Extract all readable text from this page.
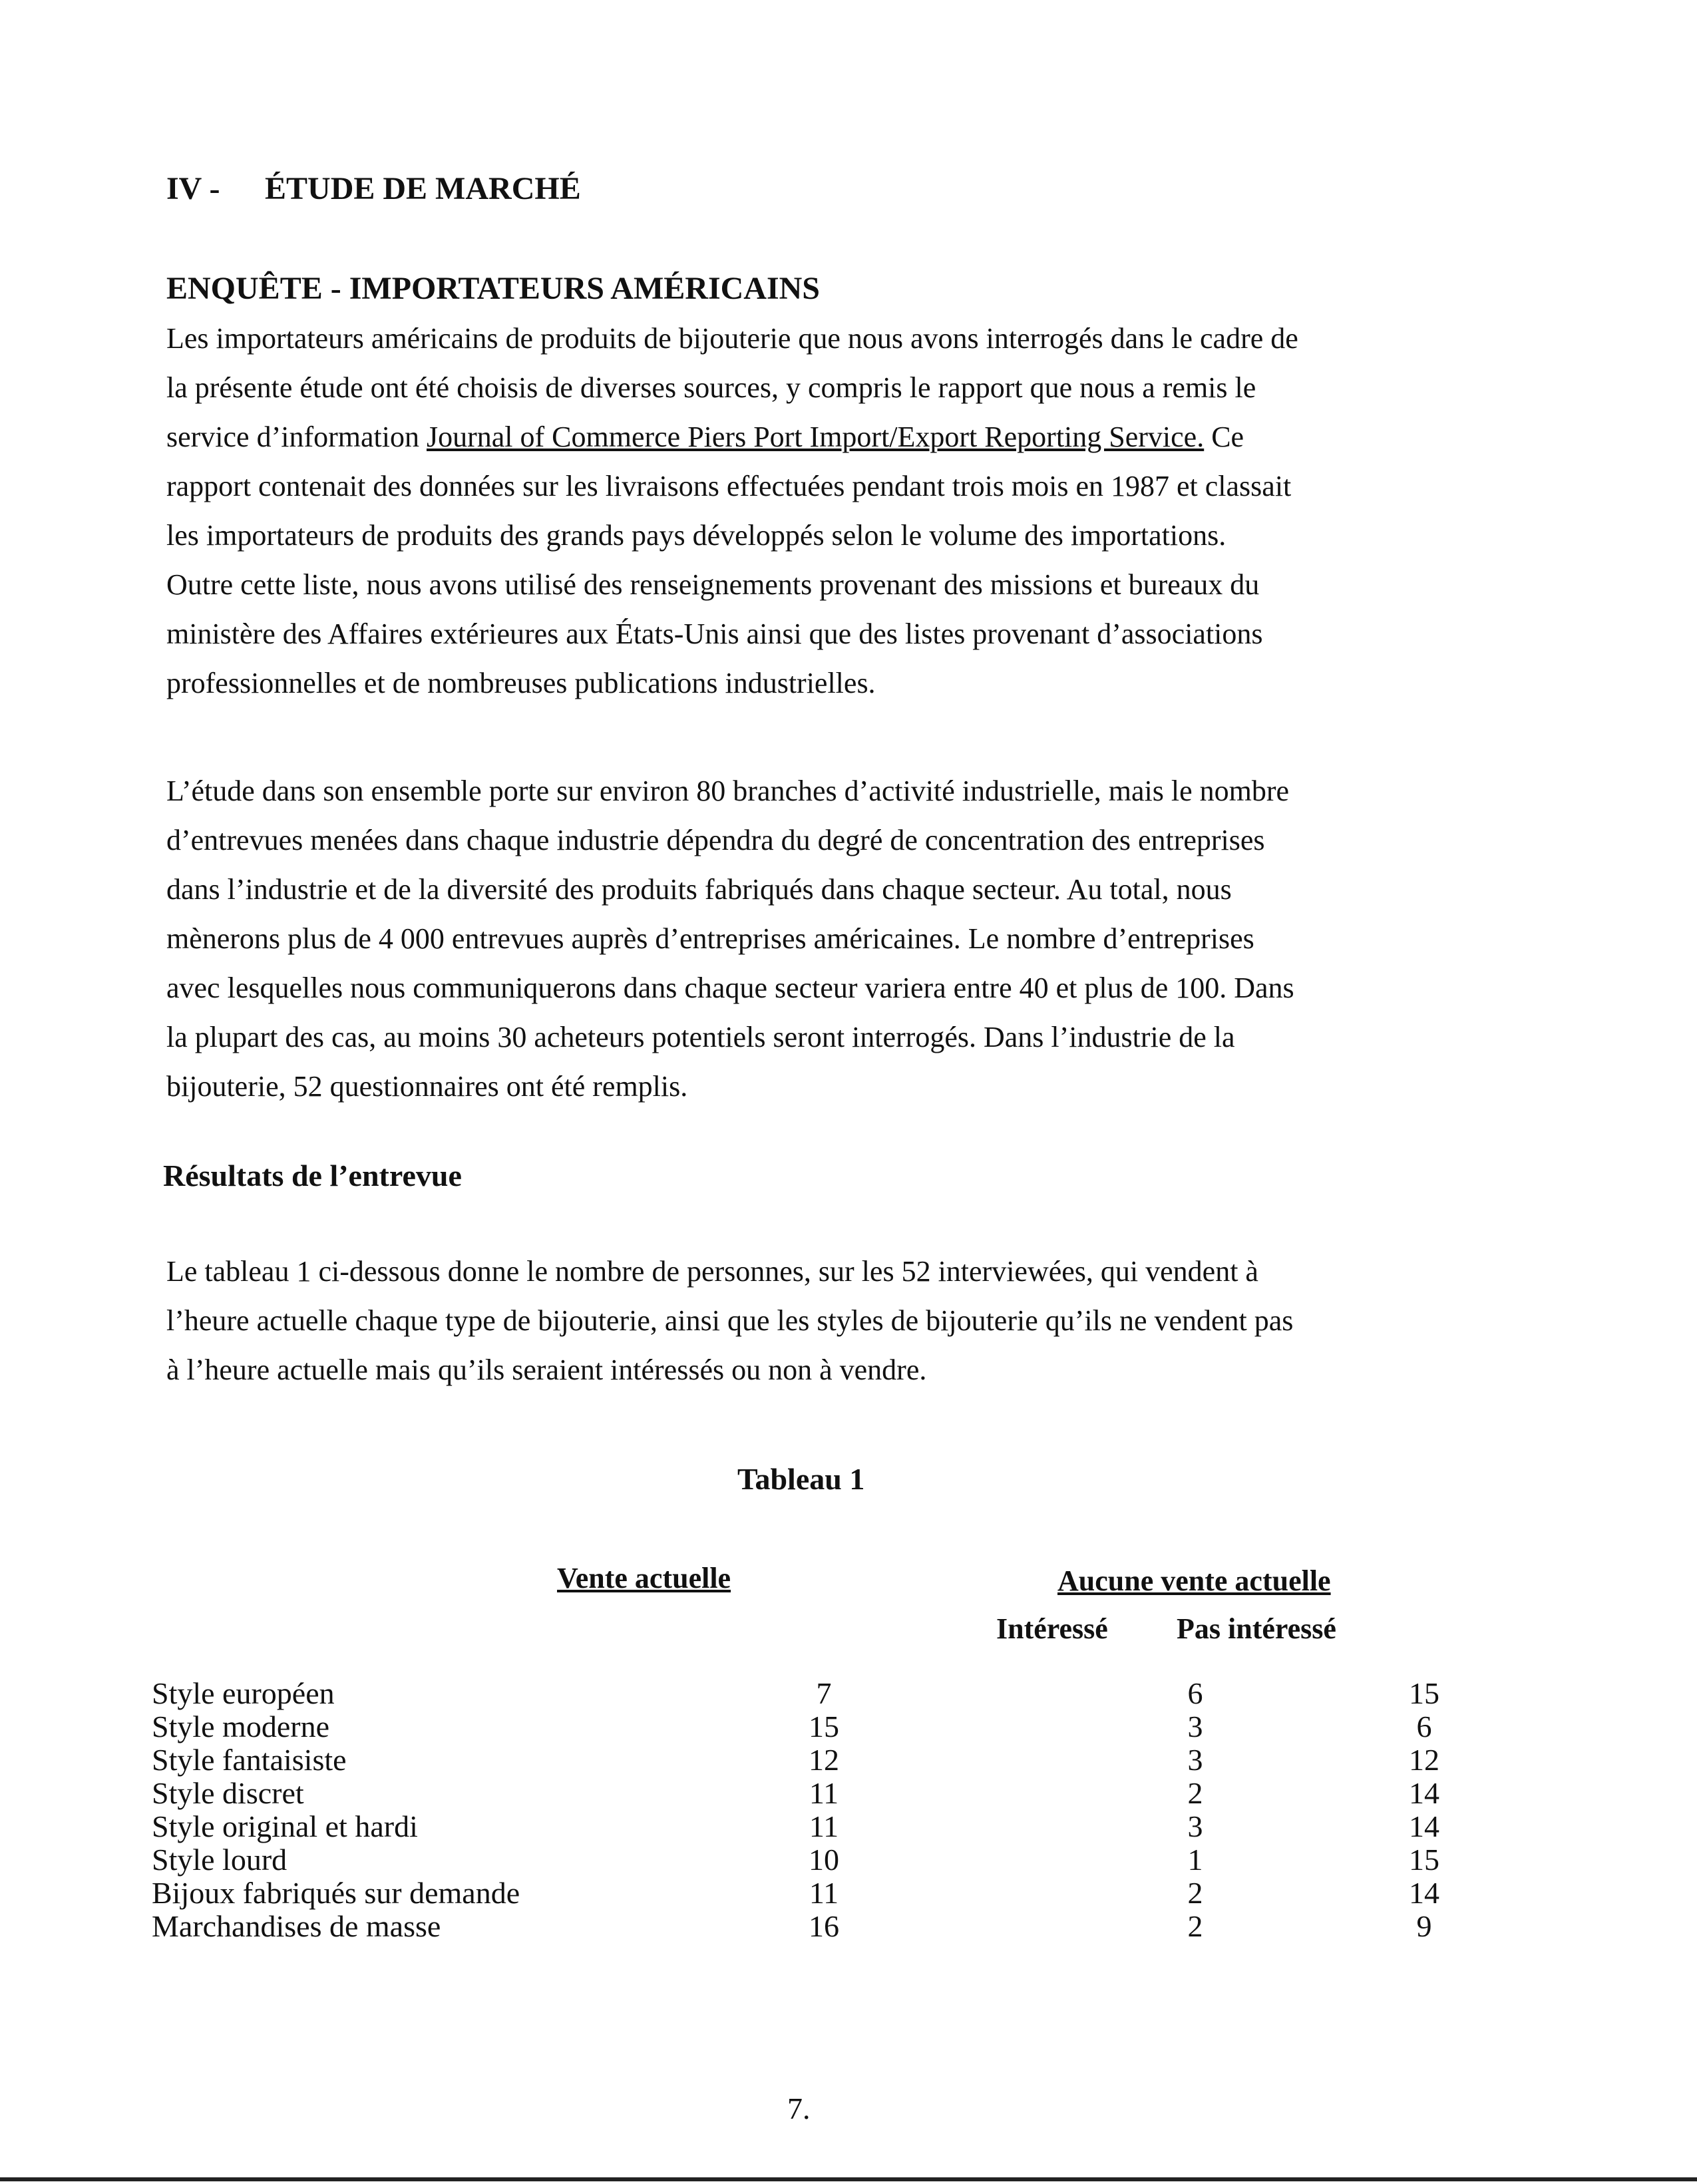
IV - ÉTUDE DE MARCHÉ
ENQUÊTE - IMPORTATEURS AMÉRICAINS
Les importateurs américains de produits de bijouterie que nous avons interrogés dans le cadre de
la présente étude ont été choisis de diverses sources, y compris le rapport que nous a remis le
service d’information Journal of Commerce Piers Port Import/Export Reporting Service. Ce
rapport contenait des données sur les livraisons effectuées pendant trois mois en 1987 et classait
les importateurs de produits des grands pays développés selon le volume des importations.
Outre cette liste, nous avons utilisé des renseignements provenant des missions et bureaux du
ministère des Affaires extérieures aux États-Unis ainsi que des listes provenant d’associations
professionnelles et de nombreuses publications industrielles.
L’étude dans son ensemble porte sur environ 80 branches d’activité industrielle, mais le nombre
d’entrevues menées dans chaque industrie dépendra du degré de concentration des entreprises
dans l’industrie et de la diversité des produits fabriqués dans chaque secteur. Au total, nous
mènerons plus de 4 000 entrevues auprès d’entreprises américaines. Le nombre d’entreprises
avec lesquelles nous communiquerons dans chaque secteur variera entre 40 et plus de 100. Dans
la plupart des cas, au moins 30 acheteurs potentiels seront interrogés. Dans l’industrie de la
bijouterie, 52 questionnaires ont été remplis.
Résultats de l’entrevue
Le tableau 1 ci-dessous donne le nombre de personnes, sur les 52 interviewées, qui vendent à
l’heure actuelle chaque type de bijouterie, ainsi que les styles de bijouterie qu’ils ne vendent pas
à l’heure actuelle mais qu’ils seraient intéressés ou non à vendre.
Tableau 1
Vente actuelle	Aucune vente actuelle
Intéressé Pas intéressé
Style européen	7	6	15
Style moderne	15	3	6
Style fantaisiste	12	3	12
Style discret	11	2	14
Style original et hardi	11	3	14
Style lourd	10	1	15
Bijoux fabriqués sur demande	11	2	14
Marchandises de masse	16	2	9
7.
